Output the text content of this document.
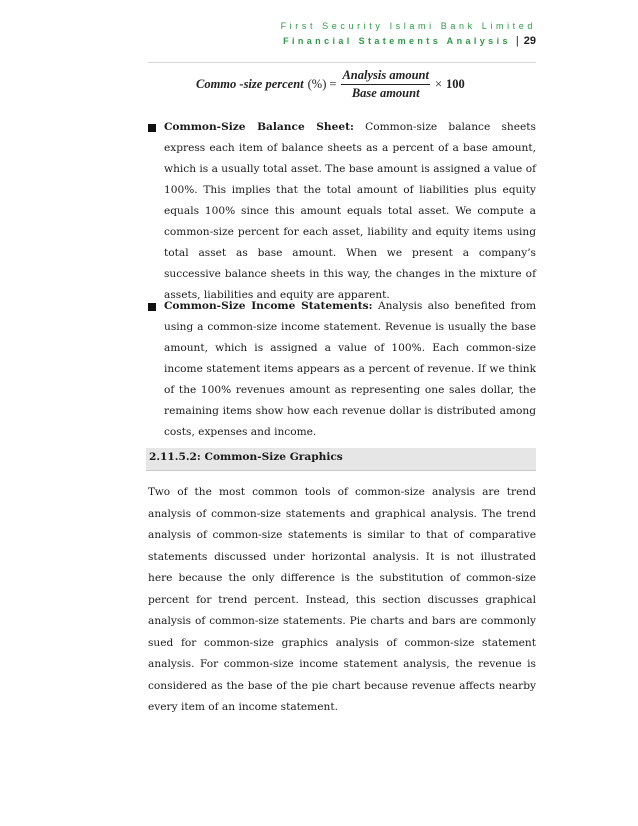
First Security Islami Bank Limited
Financial Statements Analysis | 29
Commo -size percent (%) = $\frac{\text{Analysis amount}}{\text{Base amount}} \times 100$

Common-Size Balance Sheet: Common-size balance sheets express each item of balance sheets as a percent of a base amount, which is a usually total asset. The base amount is assigned a value of 100%. This implies that the total amount of liabilities plus equity equals 100% since this amount equals total asset. We compute a common-size percent for each asset, liability and equity items using total asset as base amount. When we present a company’s successive balance sheets in this way, the changes in the mixture of assets, liabilities and equity are apparent.

Common-Size Income Statements: Analysis also benefited from using a common-size income statement. Revenue is usually the base amount, which is assigned a value of 100%. Each common-size income statement items appears as a percent of revenue. If we think of the 100% revenues amount as representing one sales dollar, the remaining items show how each revenue dollar is distributed among costs, expenses and income.

2.11.5.2: Common-Size Graphics

Two of the most common tools of common-size analysis are trend analysis of common-size statements and graphical analysis. The trend analysis of common-size statements is similar to that of comparative statements discussed under horizontal analysis. It is not illustrated here because the only difference is the substitution of common-size percent for trend percent. Instead, this section discusses graphical analysis of common-size statements. Pie charts and bars are commonly sued for common-size graphics analysis of common-size statement analysis. For common-size income statement analysis, the revenue is considered as the base of the pie chart because revenue affects nearby every item of an income statement.
